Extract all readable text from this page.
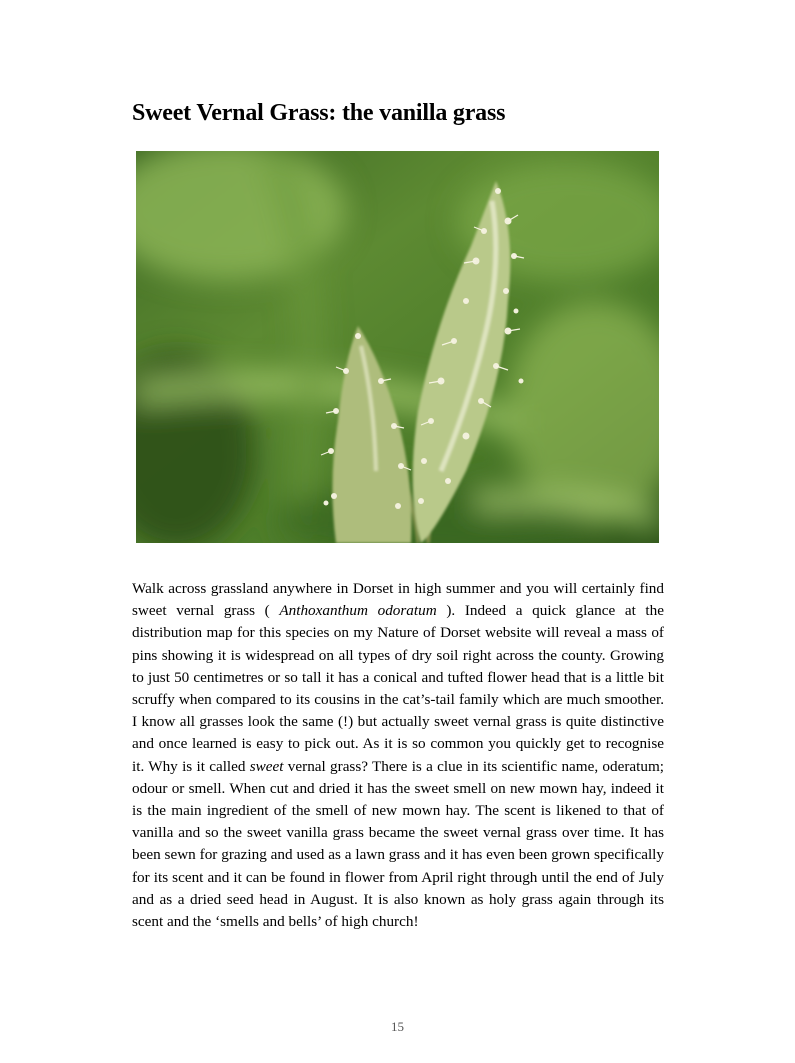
Sweet Vernal Grass: the vanilla grass

Walk across grassland anywhere in Dorset in high summer and you will certainly find sweet vernal grass ( Anthoxanthum odoratum ). Indeed a quick glance at the distribution map for this species on my Nature of Dorset website will reveal a mass of pins showing it is widespread on all types of dry soil right across the county. Growing to just 50 centimetres or so tall it has a conical and tufted flower head that is a little bit scruffy when compared to its cousins in the cat’s-tail family which are much smoother. I know all grasses look the same (!) but actually sweet vernal grass is quite distinctive and once learned is easy to pick out. As it is so common you quickly get to recognise it. Why is it called sweet vernal grass? There is a clue in its scientific name, oderatum; odour or smell. When cut and dried it has the sweet smell on new mown hay, indeed it is the main ingredient of the smell of new mown hay. The scent is likened to that of vanilla and so the sweet vanilla grass became the sweet vernal grass over time. It has been sewn for grazing and used as a lawn grass and it has even been grown specifically for its scent and it can be found in flower from April right through until the end of July and as a dried seed head in August. It is also known as holy grass again through its scent and the ‘smells and bells’ of high church!

15
